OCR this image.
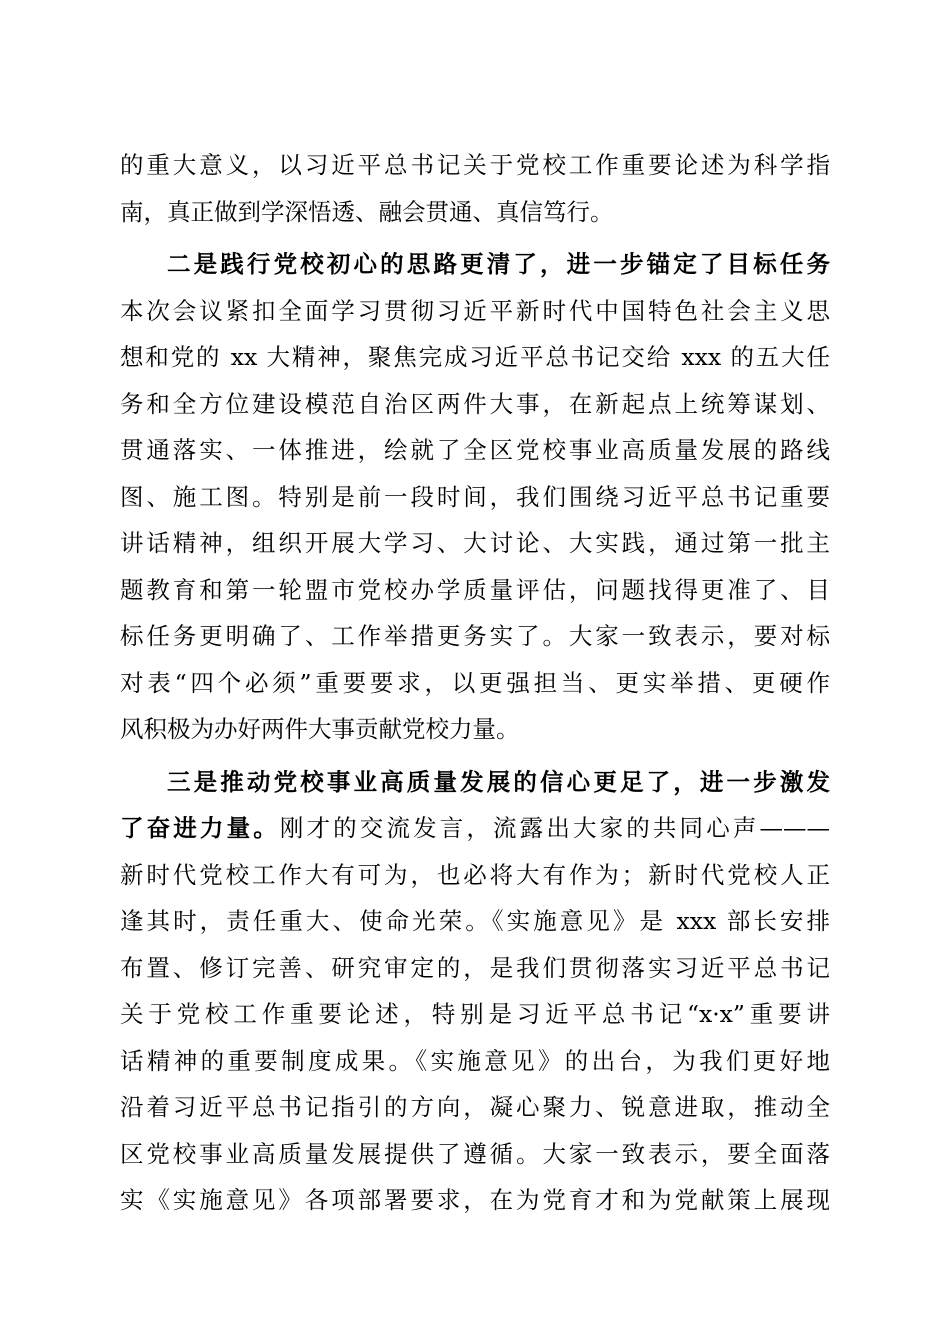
的重大意义，以习近平总书记关于党校工作重要论述为科学指
南，真正做到学深悟透、融会贯通、真信笃行。
二是践行党校初心的思路更清了，进一步锚定了目标任务
本次会议紧扣全面学习贯彻习近平新时代中国特色社会主义思
想和党的 xx 大精神，聚焦完成习近平总书记交给 xxx 的五大任
务和全方位建设模范自治区两件大事，在新起点上统筹谋划、
贯通落实、一体推进，绘就了全区党校事业高质量发展的路线
图、施工图。特别是前一段时间，我们围绕习近平总书记重要
讲话精神，组织开展大学习、大讨论、大实践，通过第一批主
题教育和第一轮盟市党校办学质量评估，问题找得更准了、目
标任务更明确了、工作举措更务实了。大家一致表示，要对标
对表“四个必须”重要要求，以更强担当、更实举措、更硬作
风积极为办好两件大事贡献党校力量。
三是推动党校事业高质量发展的信心更足了，进一步激发
了奋进力量。刚才的交流发言，流露出大家的共同心声———
新时代党校工作大有可为，也必将大有作为；新时代党校人正
逢其时，责任重大、使命光荣。《实施意见》是 xxx 部长安排
布置、修订完善、研究审定的，是我们贯彻落实习近平总书记
关于党校工作重要论述，特别是习近平总书记“x·x”重要讲
话精神的重要制度成果。《实施意见》的出台，为我们更好地
沿着习近平总书记指引的方向，凝心聚力、锐意进取，推动全
区党校事业高质量发展提供了遵循。大家一致表示，要全面落
实《实施意见》各项部署要求，在为党育才和为党献策上展现
